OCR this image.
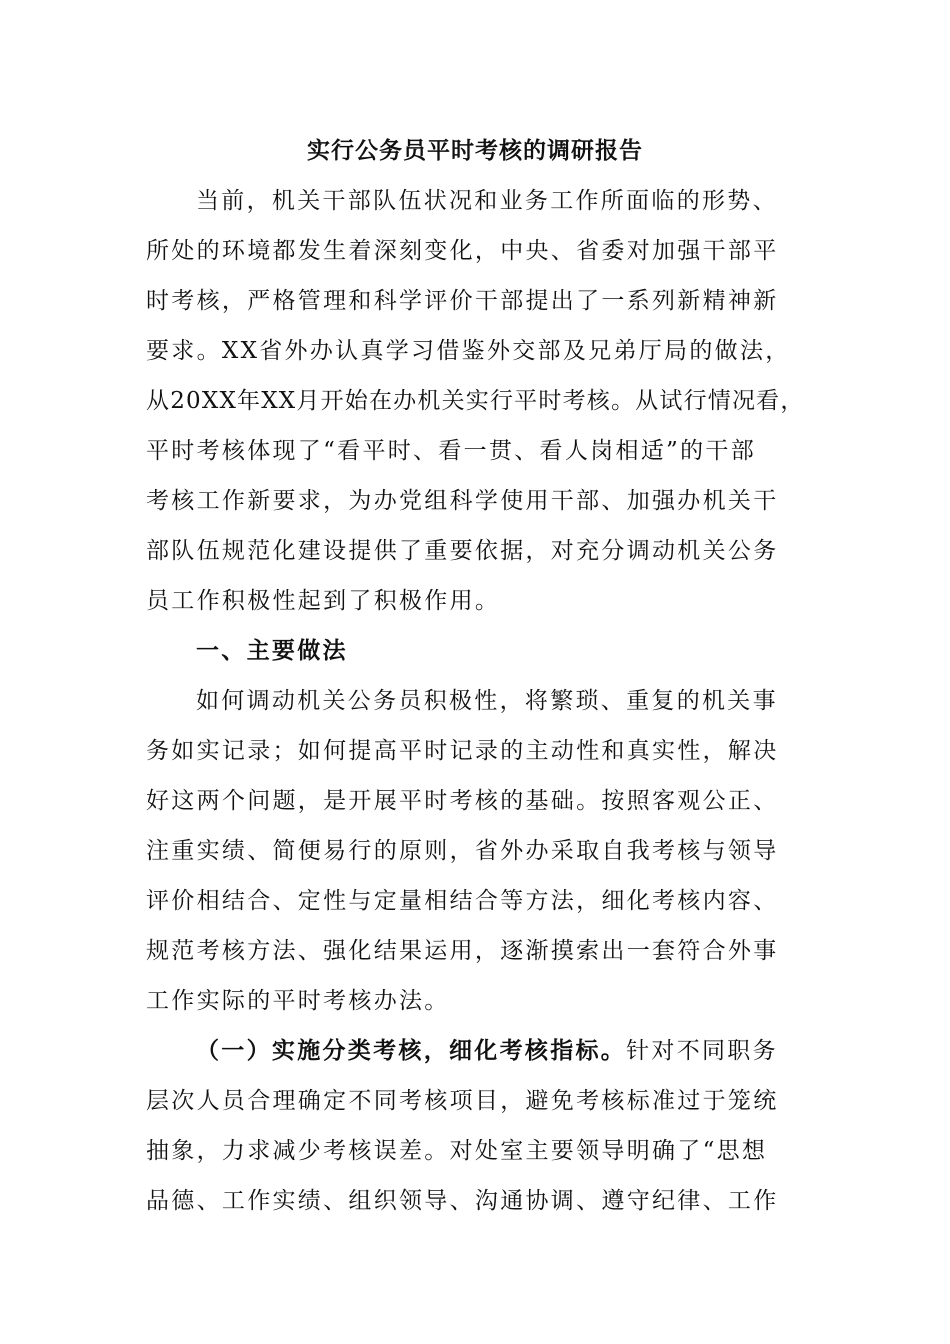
实行公务员平时考核的调研报告
当前，机关干部队伍状况和业务工作所面临的形势、
所处的环境都发生着深刻变化，中央、省委对加强干部平
时考核，严格管理和科学评价干部提出了一系列新精神新
要求。XX省外办认真学习借鉴外交部及兄弟厅局的做法，
从20XX年XX月开始在办机关实行平时考核。从试行情况看，
平时考核体现了“看平时、看一贯、看人岗相适”的干部
考核工作新要求，为办党组科学使用干部、加强办机关干
部队伍规范化建设提供了重要依据，对充分调动机关公务
员工作积极性起到了积极作用。
一、主要做法
如何调动机关公务员积极性，将繁琐、重复的机关事
务如实记录；如何提高平时记录的主动性和真实性，解决
好这两个问题，是开展平时考核的基础。按照客观公正、
注重实绩、简便易行的原则，省外办采取自我考核与领导
评价相结合、定性与定量相结合等方法，细化考核内容、
规范考核方法、强化结果运用，逐渐摸索出一套符合外事
工作实际的平时考核办法。
（一）实施分类考核，细化考核指标。针对不同职务
层次人员合理确定不同考核项目，避免考核标准过于笼统
抽象，力求减少考核误差。对处室主要领导明确了“思想
品德、工作实绩、组织领导、沟通协调、遵守纪律、工作
